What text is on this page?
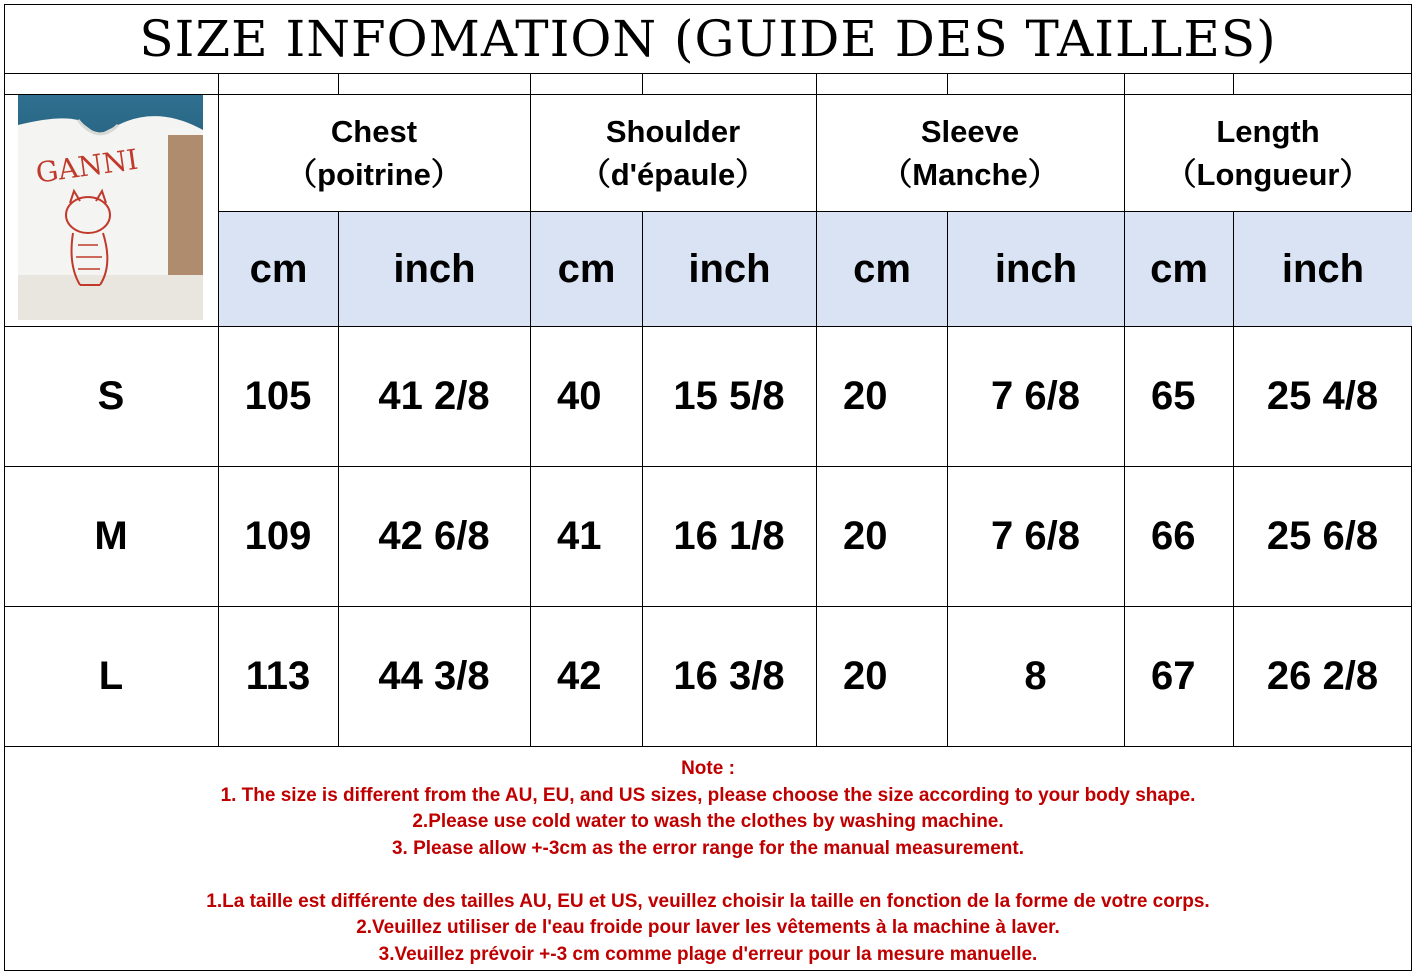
SIZE INFOMATION (GUIDE DES TAILLES)
GANNI
Chest
（poitrine）
Shoulder
（d'épaule）
Sleeve
（Manche）
Length
（Longueur）
cm	inch	cm	inch	cm	inch	cm	inch
S	105	41 2/8	40	15 5/8	20	7 6/8	65	25 4/8
M	109	42 6/8	41	16 1/8	20	7 6/8	66	25 6/8
L	113	44 3/8	42	16 3/8	20	8	67	26 2/8
Note :
1. The size is different from the AU, EU, and US sizes, please choose the size according to your body shape.
2.Please use cold water to wash the clothes by washing machine.
3. Please allow +-3cm as the error range for the manual measurement.
1.La taille est différente des tailles AU, EU et US, veuillez choisir la taille en fonction de la forme de votre corps.
2.Veuillez utiliser de l'eau froide pour laver les vêtements à la machine à laver.
3.Veuillez prévoir +-3 cm comme plage d'erreur pour la mesure manuelle.
